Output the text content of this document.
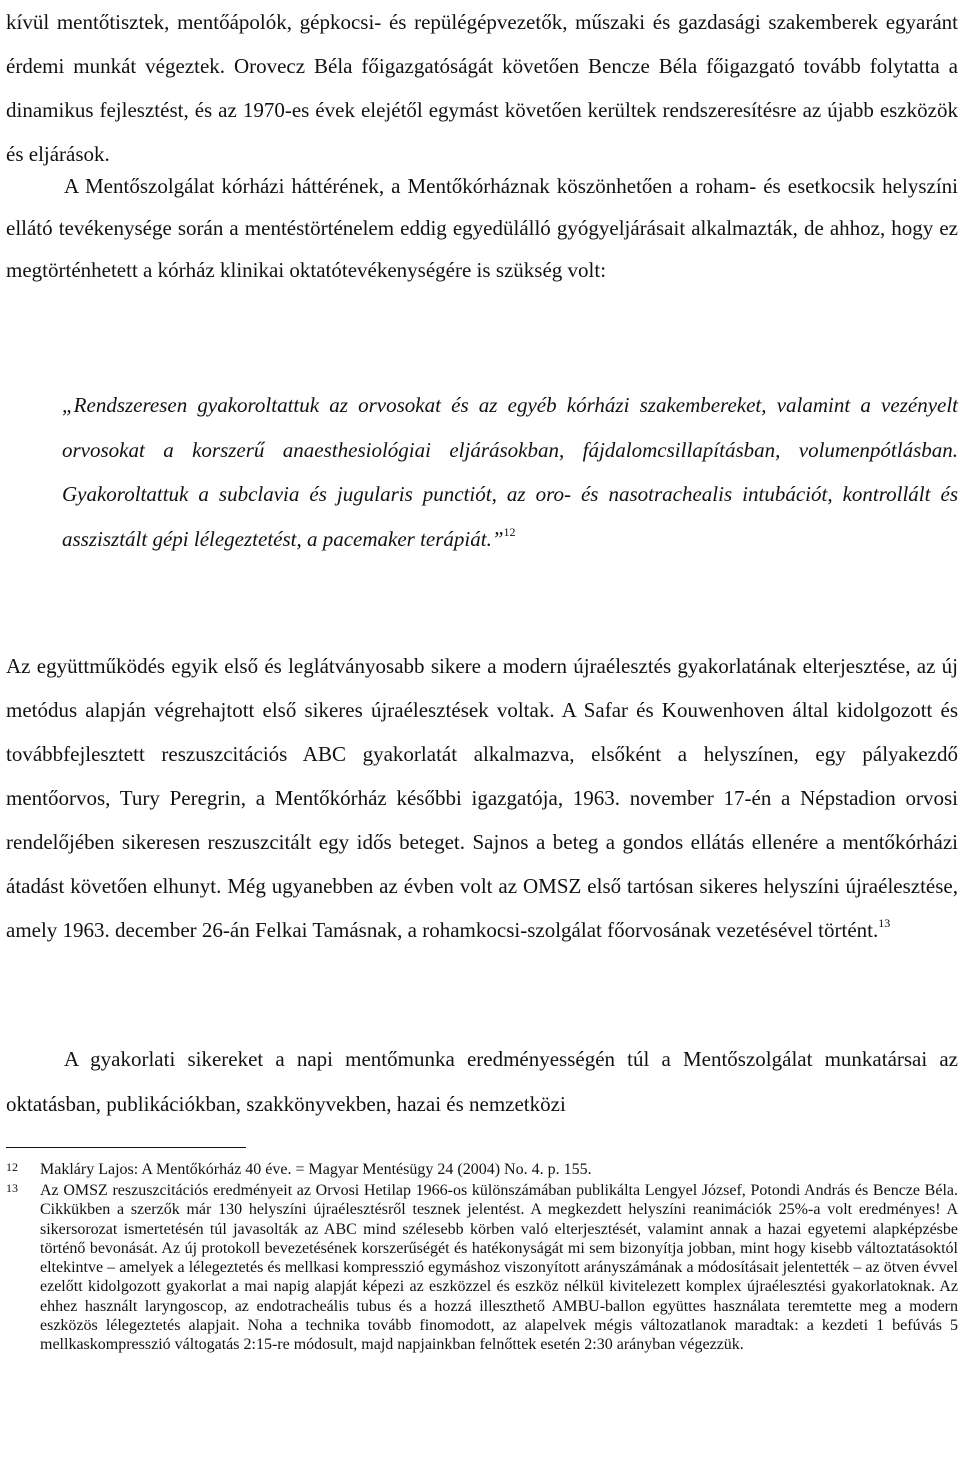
kívül mentőtisztek, mentőápolók, gépkocsi- és repülégépvezetők, műszaki és gazdasági szakemberek egyaránt érdemi munkát végeztek. Orovecz Béla főigazgatóságát követően Bencze Béla főigazgató tovább folytatta a dinamikus fejlesztést, és az 1970-es évek elejétől egymást követően kerültek rendszeresítésre az újabb eszközök és eljárások.

A Mentőszolgálat kórházi háttérének, a Mentőkórháznak köszönhetően a roham- és esetkocsik helyszíni ellátó tevékenysége során a mentéstörténelem eddig egyedülálló gyógyeljárásait alkalmazták, de ahhoz, hogy ez megtörténhetett a kórház klinikai oktatótevékenységére is szükség volt:

„Rendszeresen gyakoroltattuk az orvosokat és az egyéb kórházi szakembereket, valamint a vezényelt orvosokat a korszerű anaesthesiológiai eljárásokban, fájdalomcsillapításban, volumenpótlásban. Gyakoroltattuk a subclavia és jugularis punctiót, az oro- és nasotrachealis intubációt, kontrollált és asszisztált gépi lélegeztetést, a pacemaker terápiát.”$^{12}$

Az együttműködés egyik első és leglátványosabb sikere a modern újraélesztés gyakorlatának elterjesztése, az új metódus alapján végrehajtott első sikeres újraélesztések voltak. A Safar és Kouwenhoven által kidolgozott és továbbfejlesztett reszuszcitációs ABC gyakorlatát alkalmazva, elsőként a helyszínen, egy pályakezdő mentőorvos, Tury Peregrin, a Mentőkórház későbbi igazgatója, 1963. november 17-én a Népstadion orvosi rendelőjében sikeresen reszuszcitált egy idős beteget. Sajnos a beteg a gondos ellátás ellenére a mentőkórházi átadást követően elhunyt. Még ugyanebben az évben volt az OMSZ első tartósan sikeres helyszíni újraélesztése, amely 1963. december 26-án Felkai Tamásnak, a rohamkocsi-szolgálat főorvosának vezetésével történt.$^{13}$

A gyakorlati sikereket a napi mentőmunka eredményességén túl a Mentőszolgálat munkatársai az oktatásban, publikációkban, szakkönyvekben, hazai és nemzetközi

12 Makláry Lajos: A Mentőkórház 40 éve. = Magyar Mentésügy 24 (2004) No. 4. p. 155.
13 Az OMSZ reszuszcitációs eredményeit az Orvosi Hetilap 1966-os különszámában publikálta Lengyel József, Potondi András és Bencze Béla. Cikkükben a szerzők már 130 helyszíni újraélesztésről tesznek jelentést. A megkezdett helyszíni reanimációk 25%-a volt eredményes! A sikersorozat ismertetésén túl javasolták az ABC mind szélesebb körben való elterjesztését, valamint annak a hazai egyetemi alapképzésbe történő bevonását. Az új protokoll bevezetésének korszerűségét és hatékonyságát mi sem bizonyítja jobban, mint hogy kisebb változtatásoktól eltekintve – amelyek a lélegeztetés és mellkasi kompresszió egymáshoz viszonyított arányszámának a módosításait jelentették – az ötven évvel ezelőtt kidolgozott gyakorlat a mai napig alapját képezi az eszközzel és eszköz nélkül kivitelezett komplex újraélesztési gyakorlatoknak. Az ehhez használt laryngoscop, az endotracheális tubus és a hozzá illeszthető AMBU-ballon együttes használata teremtette meg a modern eszközös lélegeztetés alapjait. Noha a technika tovább finomodott, az alapelvek mégis változatlanok maradtak: a kezdeti 1 befúvás 5 mellkaskompresszió váltogatás 2:15-re módosult, majd napjainkban felnőttek esetén 2:30 arányban végezzük.
